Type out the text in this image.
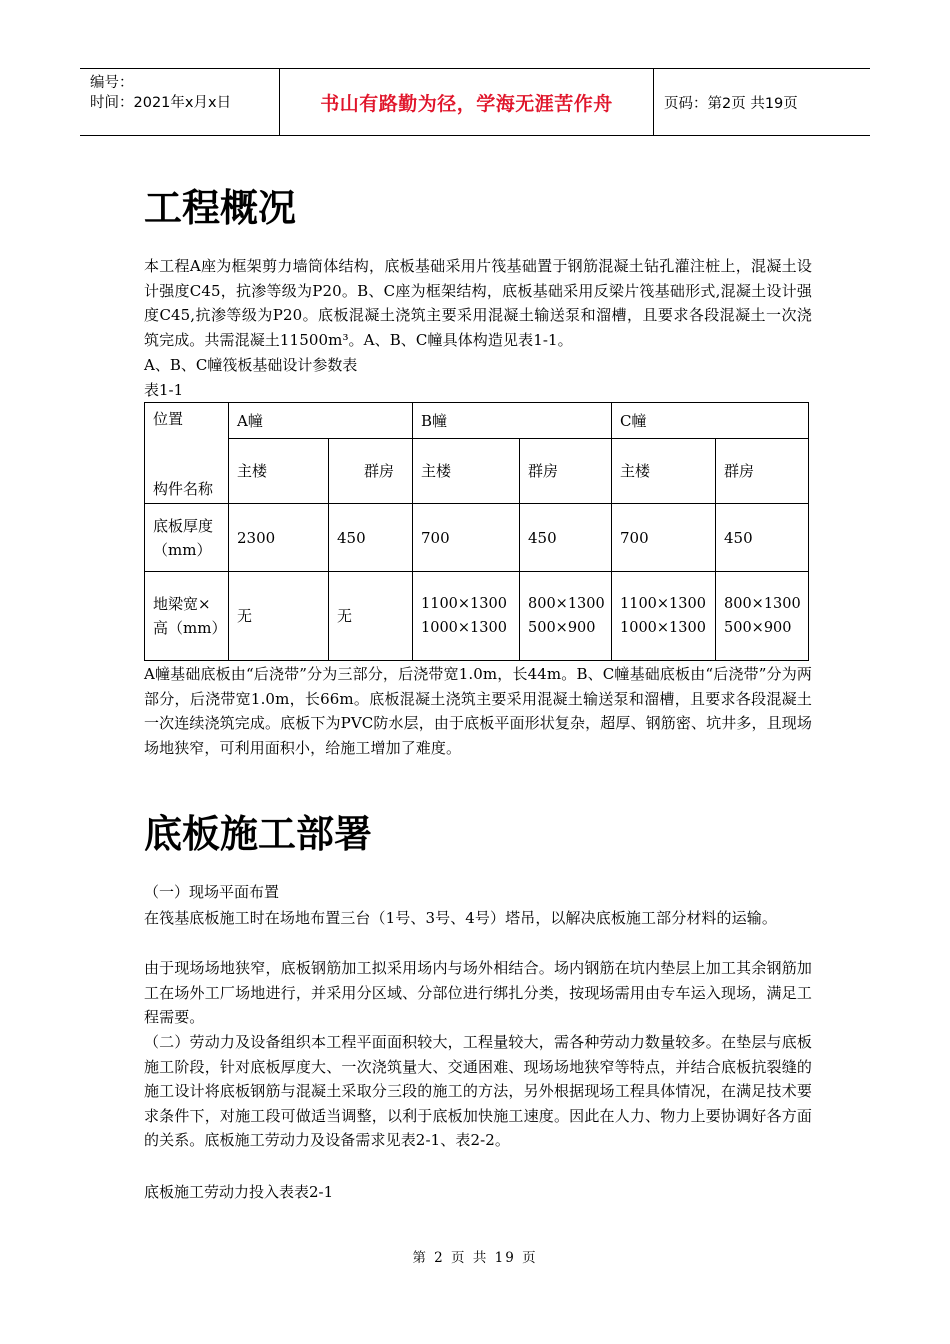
编号：
时间：2021年x月x日	书山有路勤为径，学海无涯苦作舟	页码：第2页 共19页
工程概况

本工程A座为框架剪力墙筒体结构，底板基础采用片筏基础置于钢筋混凝土钻孔灌注桩上，混凝土设计强度C45，抗渗等级为P20。B、C座为框架结构，底板基础采用反梁片筏基础形式,混凝土设计强度C45,抗渗等级为P20。底板混凝土浇筑主要采用混凝土输送泵和溜槽，且要求各段混凝土一次浇筑完成。共需混凝土11500m³。A、B、C幢具体构造见表1-1。

A、B、C幢筏板基础设计参数表

表1-1

位置
构件名称	A幢		B幢		C幢	
	主楼	群房	主楼	群房	主楼	群房
底板厚度（mm）	2300	450	700	450	700	450
地梁宽×高（mm）	无	无	1100×1300 1000×1300	800×1300 500×900	1100×1300 1000×1300	800×1300 500×900

A幢基础底板由“后浇带”分为三部分，后浇带宽1.0m，长44m。B、C幢基础底板由“后浇带”分为两部分，后浇带宽1.0m，长66m。底板混凝土浇筑主要采用混凝土输送泵和溜槽，且要求各段混凝土一次连续浇筑完成。底板下为PVC防水层，由于底板平面形状复杂，超厚、钢筋密、坑井多，且现场场地狭窄，可利用面积小，给施工增加了难度。

底板施工部署

（一）现场平面布置

在筏基底板施工时在场地布置三台（1号、3号、4号）塔吊，以解决底板施工部分材料的运输。

由于现场场地狭窄，底板钢筋加工拟采用场内与场外相结合。场内钢筋在坑内垫层上加工其余钢筋加工在场外工厂场地进行，并采用分区域、分部位进行绑扎分类，按现场需用由专车运入现场，满足工程需要。

（二）劳动力及设备组织本工程平面面积较大，工程量较大，需各种劳动力数量较多。在垫层与底板施工阶段，针对底板厚度大、一次浇筑量大、交通困难、现场场地狭窄等特点，并结合底板抗裂缝的施工设计将底板钢筋与混凝土采取分三段的施工的方法，另外根据现场工程具体情况，在满足技术要求条件下，对施工段可做适当调整，以利于底板加快施工速度。因此在人力、物力上要协调好各方面的关系。底板施工劳动力及设备需求见表2-1、表2-2。

底板施工劳动力投入表表2-1

第 2 页 共 19 页
